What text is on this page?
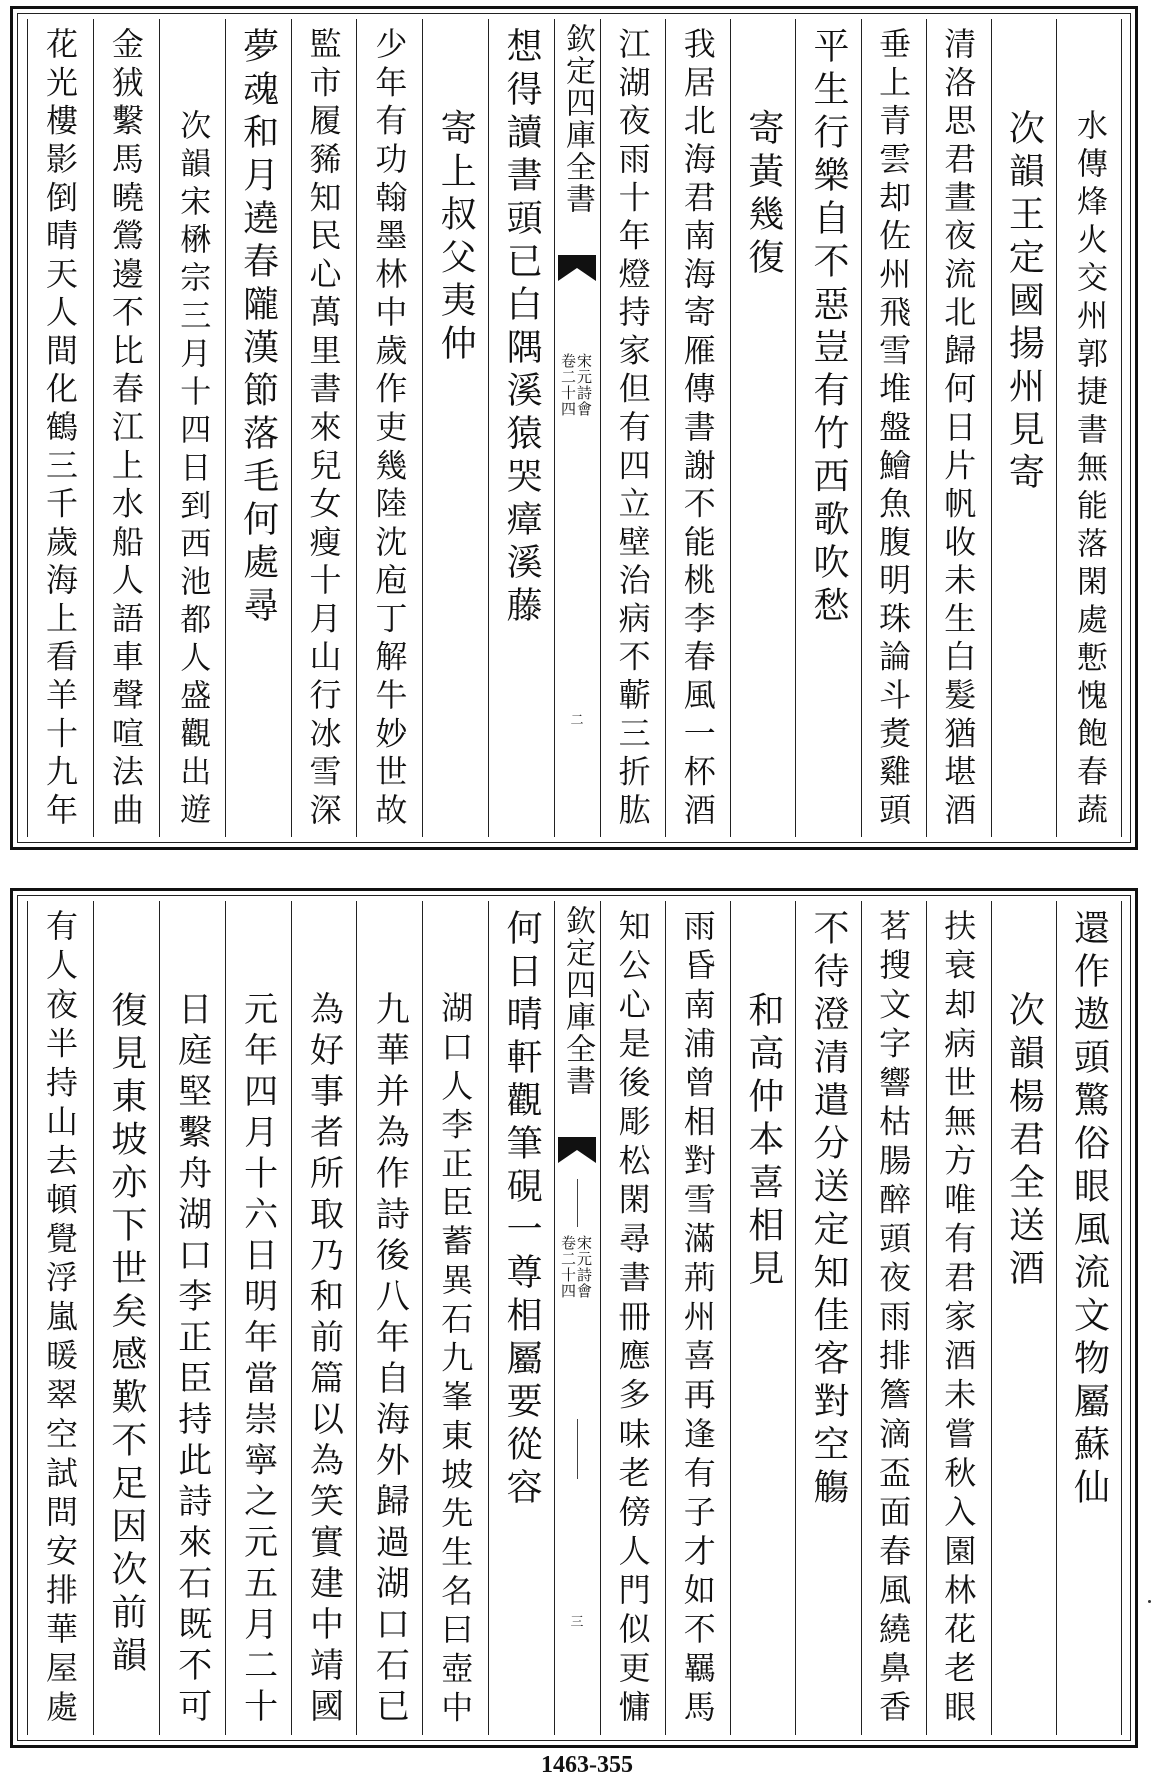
欽定四庫全書
宋元詩會
卷二十四
二	水傳烽火交州郭捷書無能落閑處慙愧飽春蔬
次韻王定國揚州見寄
清洛思君晝夜流北歸何日片帆收未生白髮猶堪酒
垂上青雲却佐州飛雪堆盤鱠魚腹明珠論斗煑雞頭
平生行樂自不惡豈有竹西歌吹愁
寄黃幾復
我居北海君南海寄雁傳書謝不能桃李春風一杯酒
江湖夜雨十年燈持家但有四立壁治病不蘄三折肱
想得讀書頭已白隅溪猿哭瘴溪藤
寄上叔父夷仲
少年有功翰墨林中歲作吏幾陸沈庖丁解牛妙世故
監市履豨知民心萬里書來兒女瘦十月山行冰雪深
夢魂和月遶春隴漢節落毛何處尋
次韻宋楙宗三月十四日到西池都人盛觀出遊
金狨繫馬曉鶯邊不比春江上水船人語車聲喧法曲
花光樓影倒晴天人間化鶴三千歲海上看羊十九年
欽定四庫全書
宋元詩會
卷二十四
三
還作遨頭驚俗眼風流文物屬蘇仙
次韻楊君全送酒
扶衰却病世無方唯有君家酒未嘗秋入園林花老眼
茗搜文字響枯腸醉頭夜雨排簷滴盃面春風繞鼻香
不待澄清遣分送定知佳客對空觴
和高仲本喜相見
雨昏南浦曾相對雪滿荊州喜再逢有子才如不羈馬
知公心是後彫松閑尋書冊應多味老傍人門似更慵
何日晴軒觀筆硯一尊相屬要從容
湖口人李正臣蓄異石九峯東坡先生名曰壺中
九華并為作詩後八年自海外歸過湖口石已
為好事者所取乃和前篇以為笑實建中靖國
元年四月十六日明年當崇寧之元五月二十
日庭堅繫舟湖口李正臣持此詩來石既不可
復見東坡亦下世矣感歎不足因次前韻
有人夜半持山去頓覺浮嵐暖翠空試問安排華屋處
1463-355
